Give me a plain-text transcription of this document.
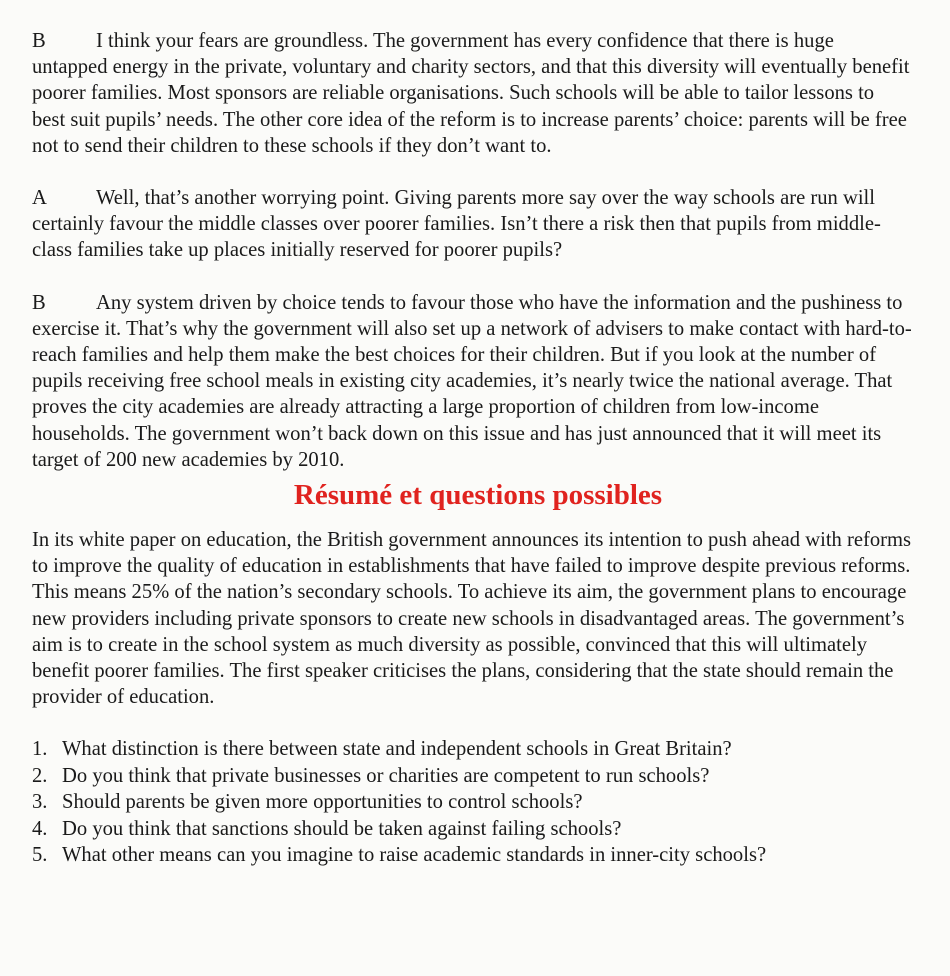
B I think your fears are groundless. The government has every confidence that there is huge untapped energy in the private, voluntary and charity sectors, and that this diversity will eventually benefit poorer families. Most sponsors are reliable organisations. Such schools will be able to tailor lessons to best suit pupils’ needs. The other core idea of the reform is to increase parents’ choice: parents will be free not to send their children to these schools if they don’t want to.

A Well, that’s another worrying point. Giving parents more say over the way schools are run will certainly favour the middle classes over poorer families. Isn’t there a risk then that pupils from middle-class families take up places initially reserved for poorer pupils?

B Any system driven by choice tends to favour those who have the information and the pushiness to exercise it. That’s why the government will also set up a network of advisers to make contact with hard-to-reach families and help them make the best choices for their children. But if you look at the number of pupils receiving free school meals in existing city academies, it’s nearly twice the national average. That proves the city academies are already attracting a large proportion of children from low-income households. The government won’t back down on this issue and has just announced that it will meet its target of 200 new academies by 2010.

Résumé et questions possibles

In its white paper on education, the British government announces its intention to push ahead with reforms to improve the quality of education in establishments that have failed to improve despite previous reforms. This means 25% of the nation’s secondary schools. To achieve its aim, the government plans to encourage new providers including private sponsors to create new schools in disadvantaged areas. The government’s aim is to create in the school system as much diversity as possible, convinced that this will ultimately benefit poorer families. The first speaker criticises the plans, considering that the state should remain the provider of education.

1. What distinction is there between state and independent schools in Great Britain?
2. Do you think that private businesses or charities are competent to run schools?
3. Should parents be given more opportunities to control schools?
4. Do you think that sanctions should be taken against failing schools?
5. What other means can you imagine to raise academic standards in inner-city schools?
